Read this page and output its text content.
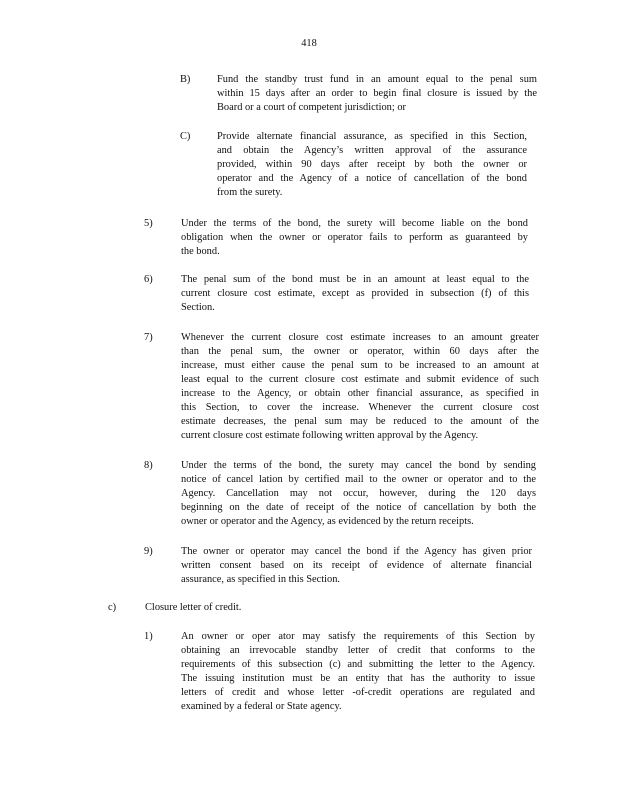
418
B)	Fund the standby trust fund in an amount equal to the penal sum
within 15 days after an order to begin final closure is issued by the
Board or a court of competent jurisdiction; or
C)	Provide alternate financial assurance, as specified in this Section,
and obtain the Agency’s written approval of the assurance
provided, within 90 days after receipt by both the owner or
operator and the Agency of a notice of cancellation of the bond
from the surety.
5)	Under the terms of the bond, the surety will become liable on the bond
obligation when the owner or operator fails to perform as guaranteed by
the bond.
6)	The penal sum of the bond must be in an amount at least equal to the
current closure cost estimate, except as provided in subsection (f) of this
Section.
7)	Whenever the current closure cost estimate increases to an amount greater
than the penal sum, the owner or operator, within 60 days after the
increase, must either cause the penal sum to be increased to an amount at
least equal to the current closure cost estimate and submit evidence of such
increase to the Agency, or obtain other financial assurance, as specified in
this Section, to cover the increase. Whenever the current closure cost
estimate decreases, the penal sum may be reduced to the amount of the
current closure cost estimate following written approval by the Agency.
8)	Under the terms of the bond, the surety may cancel the bond by sending
notice of cancel lation by certified mail to the owner or operator and to the
Agency. Cancellation may not occur, however, during the 120 days
beginning on the date of receipt of the notice of cancellation by both the
owner or operator and the Agency, as evidenced by the return receipts.
9)	The owner or operator may cancel the bond if the Agency has given prior
written consent based on its receipt of evidence of alternate financial
assurance, as specified in this Section.
c)	Closure letter of credit.
1)	An owner or oper ator may satisfy the requirements of this Section by
obtaining an irrevocable standby letter of credit that conforms to the
requirements of this subsection (c) and submitting the letter to the Agency.
The issuing institution must be an entity that has the authority to issue
letters of credit and whose letter -of-credit operations are regulated and
examined by a federal or State agency.
